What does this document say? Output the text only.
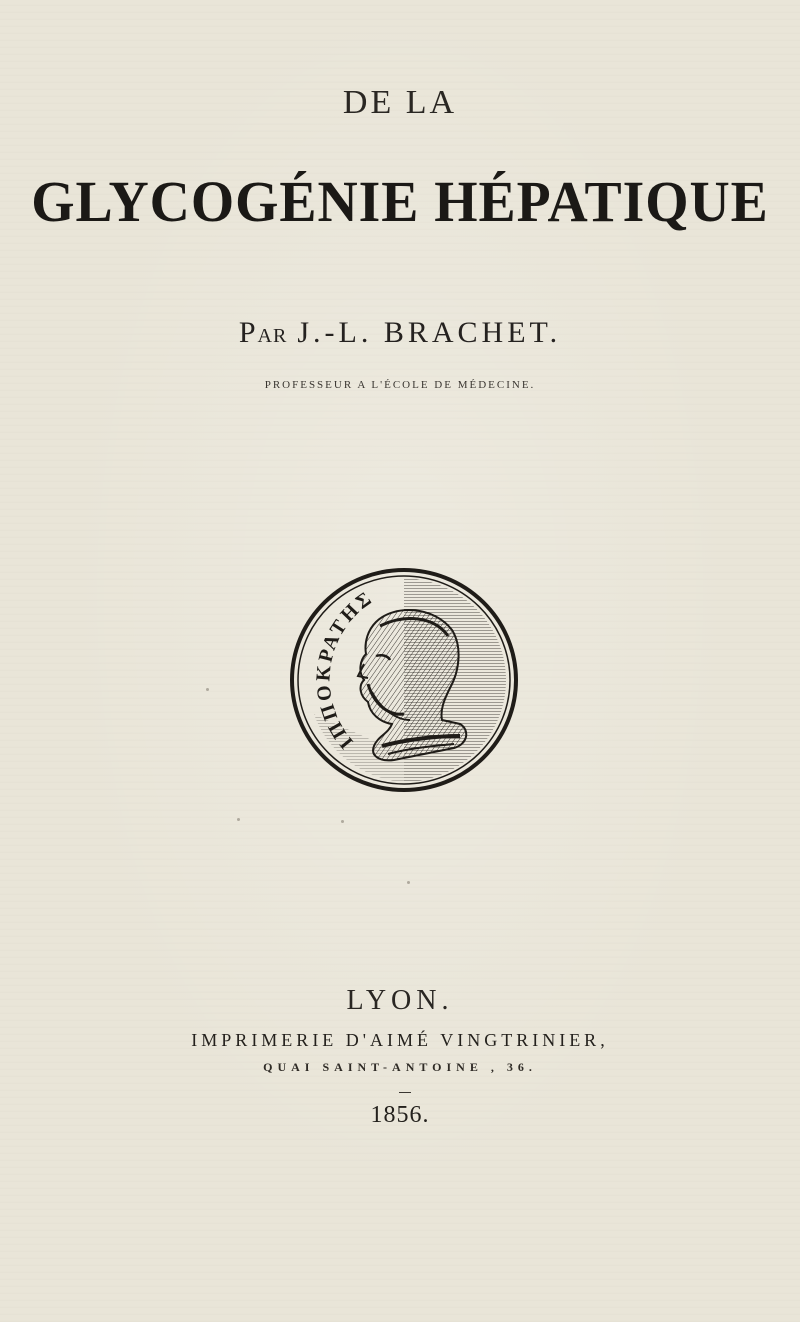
DE LA
GLYCOGÉNIE HÉPATIQUE
PAR J.-L. BRACHET.
PROFESSEUR A L'ÉCOLE DE MÉDECINE.
ΙΠΠΟΚΡΑΤΗΣ
LYON.
IMPRIMERIE D'AIMÉ VINGTRINIER,
QUAI SAINT-ANTOINE , 36.
1856.
